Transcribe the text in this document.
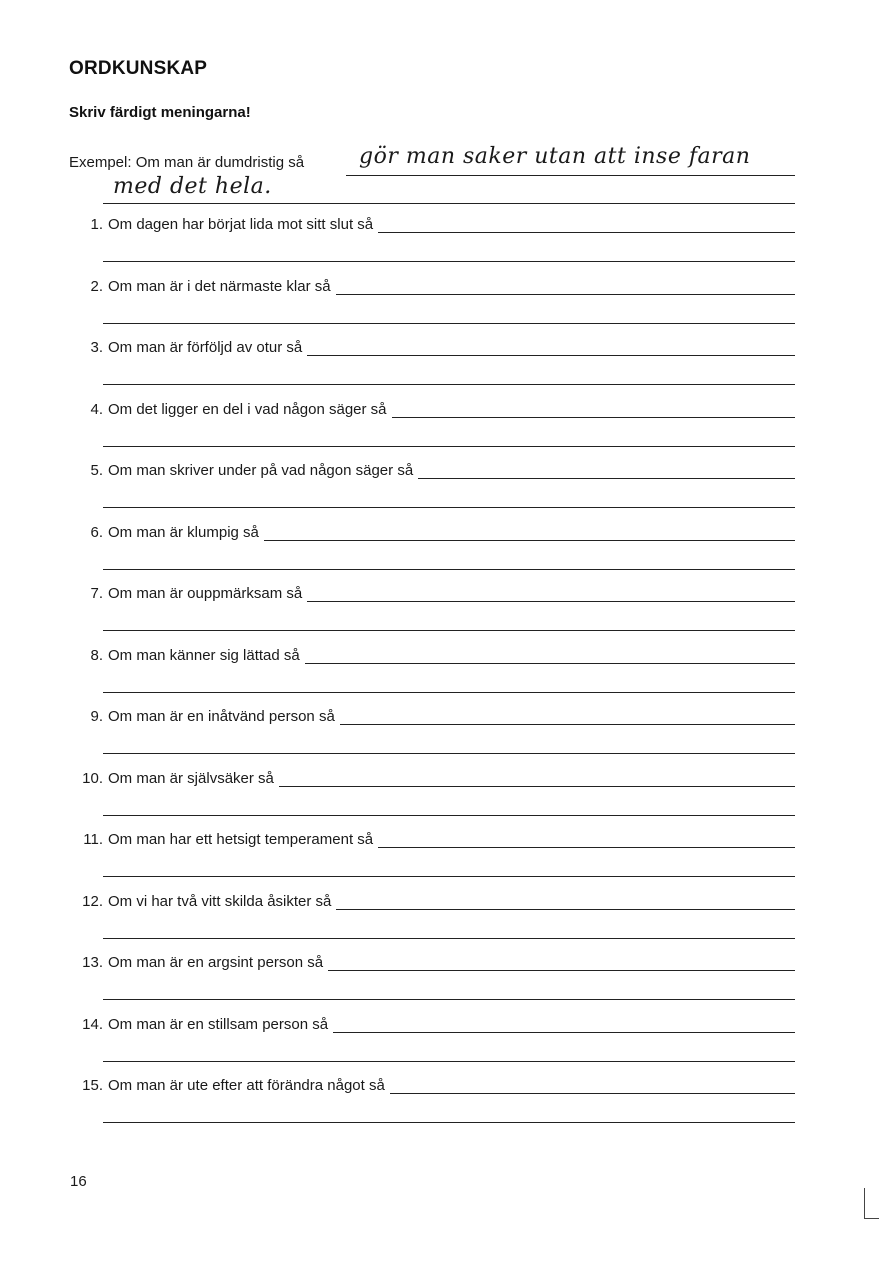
ORDKUNSKAP
Skriv färdigt meningarna!
Exempel: Om man är dumdristig så gör man saker utan att inse faran
med det hela.
1. Om dagen har börjat lida mot sitt slut så
2. Om man är i det närmaste klar så
3. Om man är förföljd av otur så
4. Om det ligger en del i vad någon säger så
5. Om man skriver under på vad någon säger så
6. Om man är klumpig så
7. Om man är ouppmärksam så
8. Om man känner sig lättad så
9. Om man är en inåtvänd person så
10. Om man är självsäker så
11. Om man har ett hetsigt temperament så
12. Om vi har två vitt skilda åsikter så
13. Om man är en argsint person så
14. Om man är en stillsam person så
15. Om man är ute efter att förändra något så
16
